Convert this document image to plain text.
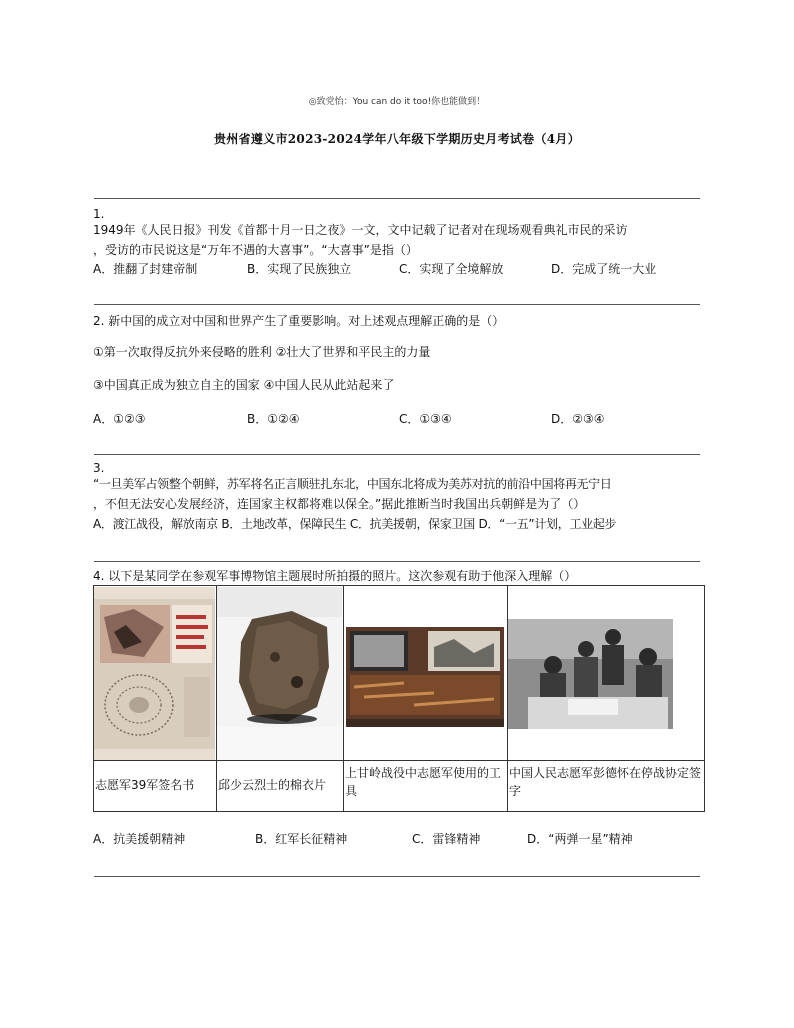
◎致党怡：You can do it too!你也能做到！
贵州省遵义市2023-2024学年八年级下学期历史月考试卷（4月）
1.
1949年《人民日报》刊发《首都十月一日之夜》一文，文中记载了记者对在现场观看典礼市民的采访
，受访的市民说这是“万年不遇的大喜事”。“大喜事”是指（）
A．推翻了封建帝制	B．实现了民族独立	C．实现了全境解放	D．完成了统一大业
2. 新中国的成立对中国和世界产生了重要影响。对上述观点理解正确的是（）
①第一次取得反抗外来侵略的胜利 ②壮大了世界和平民主的力量
③中国真正成为独立自主的国家 ④中国人民从此站起来了
A．①②③	B．①②④	C．①③④	D．②③④
3.
“一旦美军占领整个朝鲜，苏军将名正言顺驻扎东北，中国东北将成为美苏对抗的前沿中国将再无宁日
，不但无法安心发展经济，连国家主权都将难以保全。”据此推断当时我国出兵朝鲜是为了（）
A．渡江战役，解放南京 B．土地改革，保障民生 C．抗美援朝，保家卫国 D．“一五”计划，工业起步
4. 以下是某同学在参观军事博物馆主题展时所拍摄的照片。这次参观有助于他深入理解（）

志愿军39军签名书	邱少云烈士的棉衣片	上甘岭战役中志愿军使用的工具	中国人民志愿军彭德怀在停战协定签字
A．抗美援朝精神	B．红军长征精神	C．雷锋精神	D．“两弹一星”精神
